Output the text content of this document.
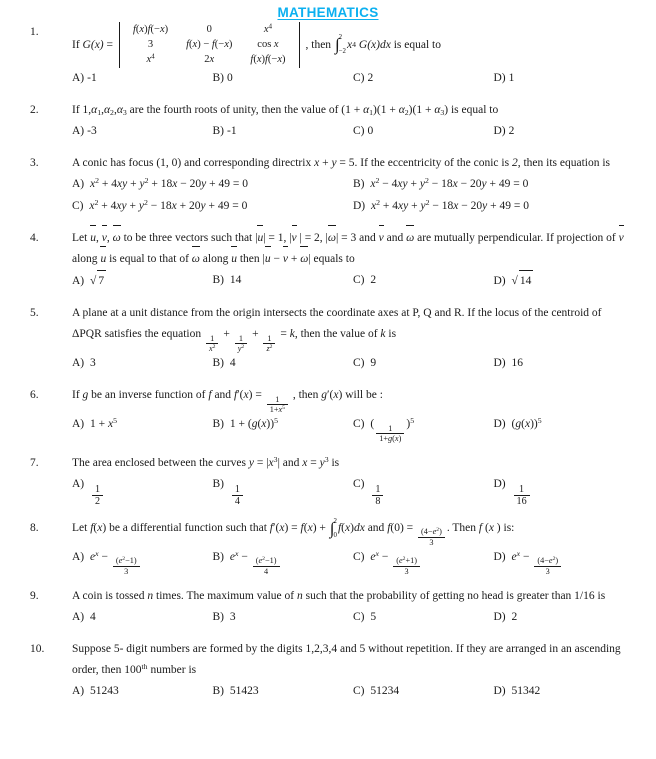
MATHEMATICS
1.
If G (x) =
f(x)f(−x)	0	$x^4$
3	f(x) − f(−x)	cos x
$x^4$	2x	f(x)f(−x)
, then ∫ 2
−2
x 4
G (x)d x is equal to
A) -1	B) 0	C) 2	D) 1
2.	If $1,\alpha_1,\alpha_2,\alpha_3$ are the fourth roots of unity, then the value of $(1 + \alpha_1)(1 + \alpha_2)(1 + \alpha_3)$ is equal to
A) -3	B) -1	C) 0	D) 2
3.	A conic has focus (1, 0) and corresponding directrix x + y = 5. If the eccentricity of the conic is 2, then its equation is
A) $x^2 + 4xy + y^2 + 18x - 20y + 49 = 0$	B) $x^2 - 4xy + y^2 - 18x - 20y + 49 = 0$
C) $x^2 + 4xy + y^2 - 18x + 20y + 49 = 0$	D) $x^2 + 4xy + y^2 - 18x - 20y + 49 = 0$
4.	Let u, v, ω to be three vectors such that |u| = 1, |v | = 2, |ω| = 3 and v and ω are mutually perpendicular. If projection of v along u is equal to that of ω along u then |u − v + ω| equals to
A) √ 7	B) 14	C) 2	D) √ 14
5.	A plane at a unit distance from the origin intersects the coordinate axes at P, Q and R. If the locus of the centroid of ΔPQR satisfies the equation $\frac{1}{x^2} + \frac{1}{y^2} + \frac{1}{z^2} = k$, then the value of k is
A) 3	B) 4	C) 9	D) 16
6.	If g be an inverse function of f and $f'(x) = \frac{1}{1+x^5}$ , then g′(x) will be :
A) $1 + x^5$	B) $1 + (g(x))^5$	C) ( $\frac{1}{1+g(x)} )^5$	D) $(g(x))^5$
7.	The area enclosed between the curves $y = |x^3|$ and $x = y^3$ is
$A) \frac{1}{2}$	$B) \frac{1}{4}$	$C) \frac{1}{8}$	$D) \frac{1}{16}$
8.	Let f(x) be a differential function such that f′(x) = f(x) + ∫ 2
0
f(x)dx and $f(0) = \frac{(4-e^2)}{3}$ . Then f (x ) is:
A) $e^x - \frac{(e^2-1)}{3}$	B) $e^x - \frac{(e^2-1)}{4}$	C) $e^x - \frac{(e^2+1)}{3}$	D) $e^x - \frac{(4-e^2)}{3}$
9.	A coin is tossed n times. The maximum value of n such that the probability of getting no head is greater than 1/16 is
A) 4	B) 3	C) 5	D) 2
10.	Suppose 5- digit numbers are formed by the digits 1,2,3,4 and 5 without repetition. If they are arranged in an ascending order, then 100th number is
A) 51243	B) 51423	C) 51234	D) 51342
